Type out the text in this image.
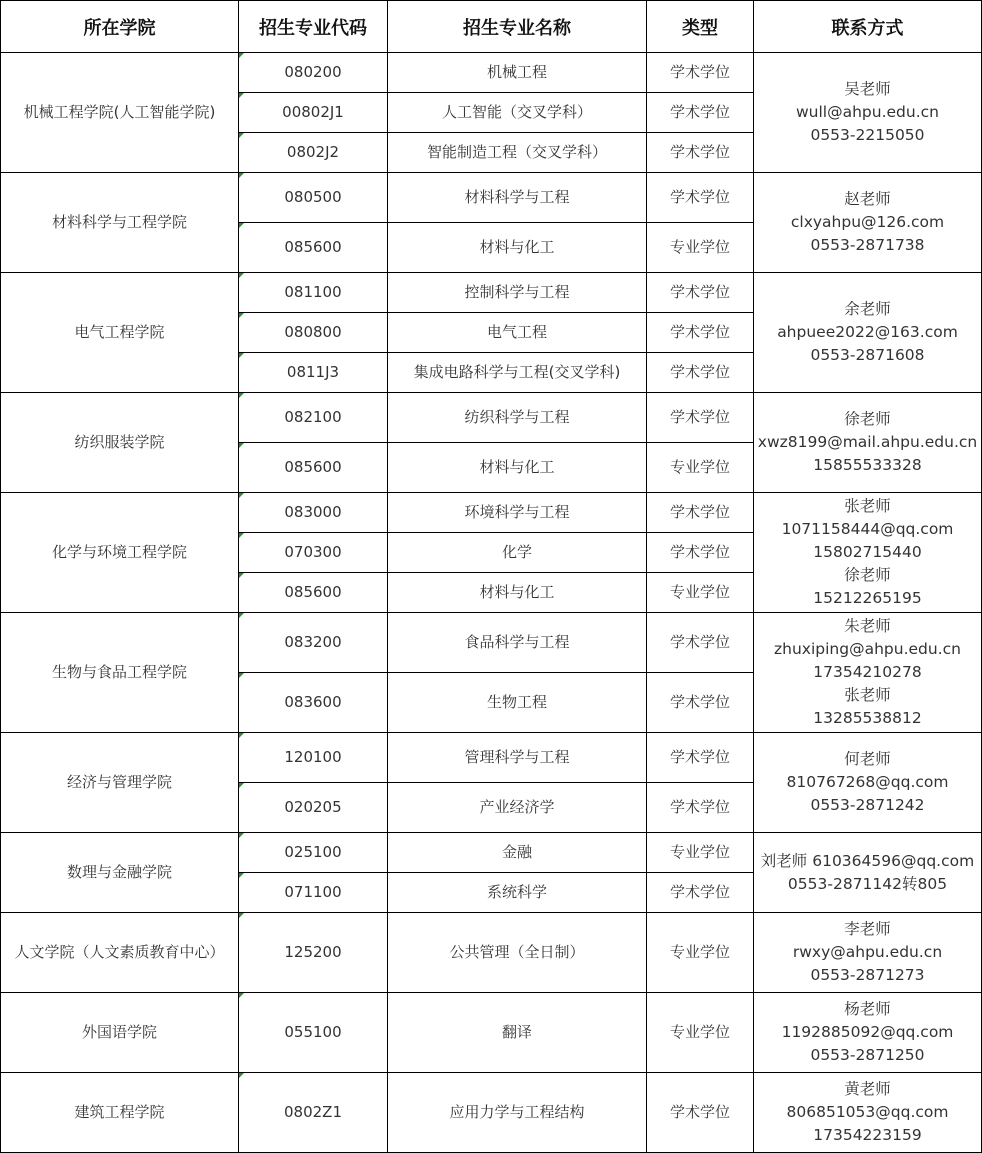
所在学院	招生专业代码	招生专业名称	类型	联系方式
机械工程学院(人工智能学院)	080200	机械工程	学术学位	吴老师
wull@ahpu.edu.cn
0553-2215050

	00802J1	人工智能（交叉学科）	学术学位	
	0802J2	智能制造工程（交叉学科）	学术学位	
材料科学与工程学院	080500	材料科学与工程	学术学位	赵老师
clxyahpu@126.com
0553-2871738

	085600	材料与化工	专业学位	
电气工程学院	081100	控制科学与工程	学术学位	余老师
ahpuee2022@163.com
0553-2871608

	080800	电气工程	学术学位	
	0811J3	集成电路科学与工程(交叉学科)	学术学位	
纺织服装学院	082100	纺织科学与工程	学术学位	徐老师
xwz8199@mail.ahpu.edu.cn
15855533328

	085600	材料与化工	专业学位	
化学与环境工程学院	083000	环境科学与工程	学术学位	张老师
1071158444@qq.com
15802715440
徐老师
15212265195

	070300	化学	学术学位	
	085600	材料与化工	专业学位	
生物与食品工程学院	083200	食品科学与工程	学术学位	朱老师
zhuxiping@ahpu.edu.cn
17354210278
张老师
13285538812

	083600	生物工程	学术学位	
经济与管理学院	120100	管理科学与工程	学术学位	何老师
810767268@qq.com
0553-2871242

	020205	产业经济学	学术学位	
数理与金融学院	025100	金融	专业学位	刘老师 610364596@qq.com
0553-2871142转805

	071100	系统科学	学术学位	
人文学院（人文素质教育中心）	125200	公共管理（全日制）	专业学位	李老师
rwxy@ahpu.edu.cn
0553-2871273

外国语学院	055100	翻译	专业学位	杨老师
1192885092@qq.com
0553-2871250

建筑工程学院	0802Z1	应用力学与工程结构	学术学位	黄老师
806851053@qq.com
17354223159
